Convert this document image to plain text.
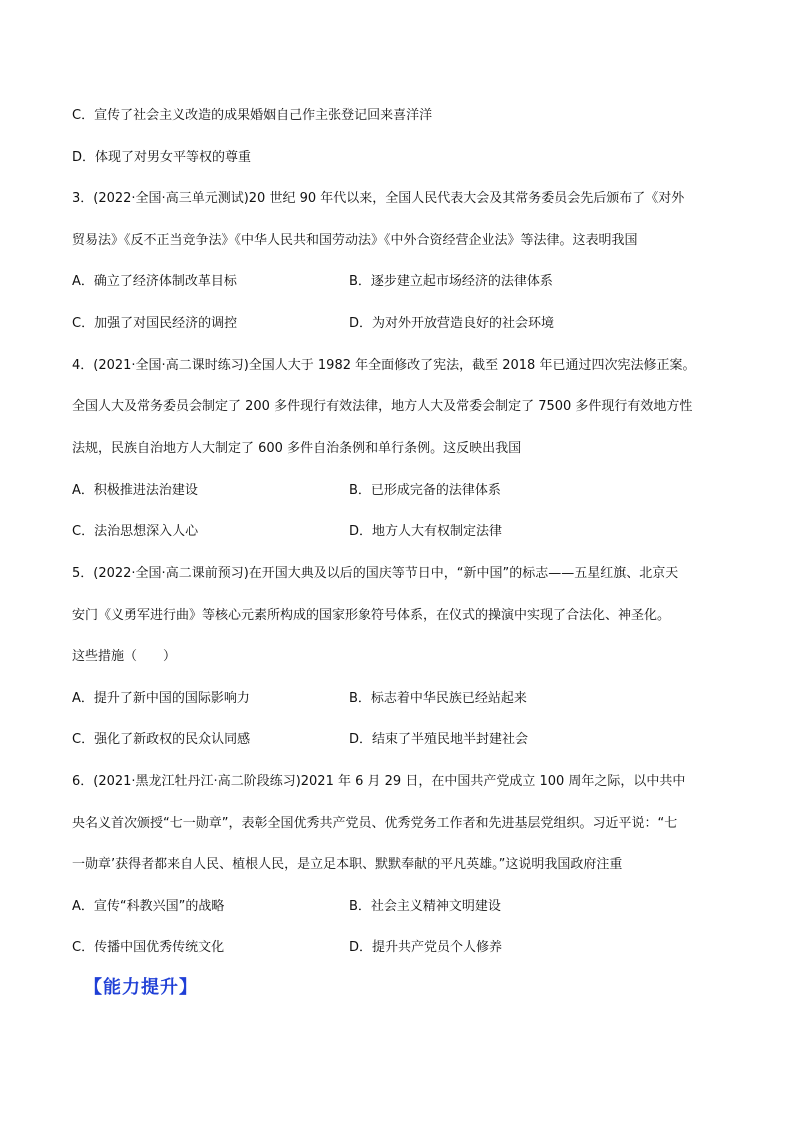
C．宣传了社会主义改造的成果婚姻自己作主张登记回来喜洋洋
D．体现了对男女平等权的尊重
3．(2022·全国·高三单元测试)20 世纪 90 年代以来，全国人民代表大会及其常务委员会先后颁布了《对外
贸易法》《反不正当竞争法》《中华人民共和国劳动法》《中外合资经营企业法》等法律。这表明我国
A．确立了经济体制改革目标	B．逐步建立起市场经济的法律体系
C．加强了对国民经济的调控	D．为对外开放营造良好的社会环境
4．(2021·全国·高二课时练习)全国人大于 1982 年全面修改了宪法，截至 2018 年已通过四次宪法修正案。
全国人大及常务委员会制定了 200 多件现行有效法律，地方人大及常委会制定了 7500 多件现行有效地方性
法规，民族自治地方人大制定了 600 多件自治条例和单行条例。这反映出我国
A．积极推进法治建设	B．已形成完备的法律体系
C．法治思想深入人心	D．地方人大有权制定法律
5．(2022·全国·高二课前预习)在开国大典及以后的国庆等节日中，“新中国”的标志——五星红旗、北京天
安门《义勇军进行曲》等核心元素所构成的国家形象符号体系，在仪式的操演中实现了合法化、神圣化。
这些措施（　　）
A．提升了新中国的国际影响力	B．标志着中华民族已经站起来
C．强化了新政权的民众认同感	D．结束了半殖民地半封建社会
6．(2021·黑龙江牡丹江·高二阶段练习)2021 年 6 月 29 日，在中国共产党成立 100 周年之际，以中共中
央名义首次颁授“七一勋章”，表彰全国优秀共产党员、优秀党务工作者和先进基层党组织。习近平说：“七
一勋章’获得者都来自人民、植根人民，是立足本职、默默奉献的平凡英雄。”这说明我国政府注重
A．宣传“科教兴国”的战略	B．社会主义精神文明建设
C．传播中国优秀传统文化	D．提升共产党员个人修养
【能力提升】
